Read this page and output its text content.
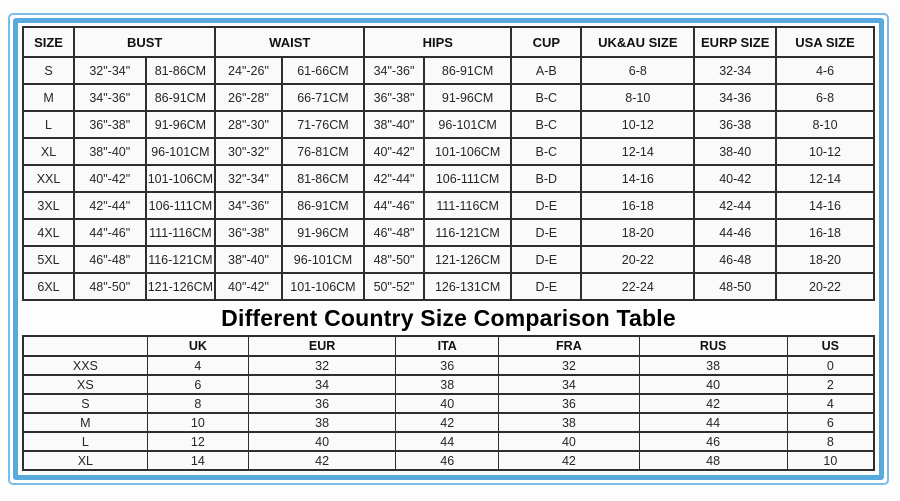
SIZE	BUST		WAIST		HIPS		CUP	UK&AU SIZE	EURP SIZE	USA SIZE
S	32"-34"	81-86CM	24"-26"	61-66CM	34"-36"	86-91CM	A-B	6-8	32-34	4-6
M	34"-36"	86-91CM	26"-28"	66-71CM	36"-38"	91-96CM	B-C	8-10	34-36	6-8
L	36"-38"	91-96CM	28"-30"	71-76CM	38"-40"	96-101CM	B-C	10-12	36-38	8-10
XL	38"-40"	96-101CM	30"-32"	76-81CM	40"-42"	101-106CM	B-C	12-14	38-40	10-12
XXL	40"-42"	101-106CM	32"-34"	81-86CM	42"-44"	106-111CM	B-D	14-16	40-42	12-14
3XL	42"-44"	106-111CM	34"-36"	86-91CM	44"-46"	111-116CM	D-E	16-18	42-44	14-16
4XL	44"-46"	111-116CM	36"-38"	91-96CM	46"-48"	116-121CM	D-E	18-20	44-46	16-18
5XL	46"-48"	116-121CM	38"-40"	96-101CM	48"-50"	121-126CM	D-E	20-22	46-48	18-20
6XL	48"-50"	121-126CM	40"-42"	101-106CM	50"-52"	126-131CM	D-E	22-24	48-50	20-22
Different Country Size Comparison Table
	UK	EUR	ITA	FRA	RUS	US
XXS	4	32	36	32	38	0
XS	6	34	38	34	40	2
S	8	36	40	36	42	4
M	10	38	42	38	44	6
L	12	40	44	40	46	8
XL	14	42	46	42	48	10
